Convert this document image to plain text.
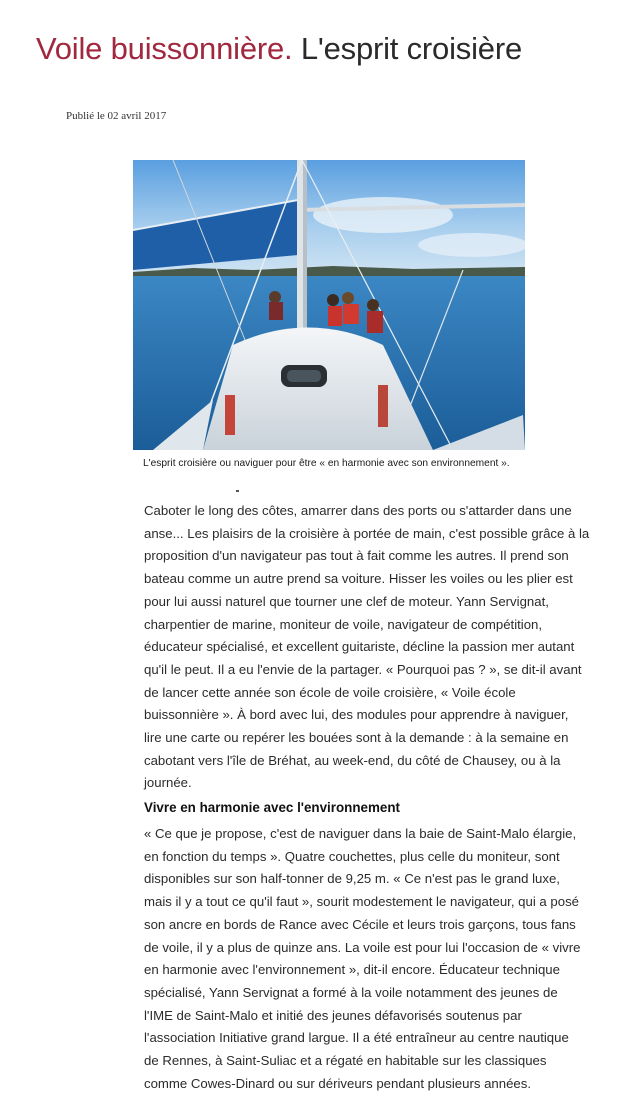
Voile buissonnière. L'esprit croisière
Publié le 02 avril 2017
L'esprit croisière ou naviguer pour être « en harmonie avec son environnement ».
Caboter le long des côtes, amarrer dans des ports ou s'attarder dans une
anse... Les plaisirs de la croisière à portée de main, c'est possible grâce à la
proposition d'un navigateur pas tout à fait comme les autres. Il prend son
bateau comme un autre prend sa voiture. Hisser les voiles ou les plier est
pour lui aussi naturel que tourner une clef de moteur. Yann Servignat,
charpentier de marine, moniteur de voile, navigateur de compétition,
éducateur spécialisé, et excellent guitariste, décline la passion mer autant
qu'il le peut. Il a eu l'envie de la partager. « Pourquoi pas ? », se dit-il avant
de lancer cette année son école de voile croisière, « Voile école
buissonnière ». À bord avec lui, des modules pour apprendre à naviguer,
lire une carte ou repérer les bouées sont à la demande : à la semaine en
cabotant vers l'île de Bréhat, au week-end, du côté de Chausey, ou à la
journée.
Vivre en harmonie avec l'environnement
« Ce que je propose, c'est de naviguer dans la baie de Saint-Malo élargie,
en fonction du temps ». Quatre couchettes, plus celle du moniteur, sont
disponibles sur son half-tonner de 9,25 m. « Ce n'est pas le grand luxe,
mais il y a tout ce qu'il faut », sourit modestement le navigateur, qui a posé
son ancre en bords de Rance avec Cécile et leurs trois garçons, tous fans
de voile, il y a plus de quinze ans. La voile est pour lui l'occasion de « vivre
en harmonie avec l'environnement », dit-il encore. Éducateur technique
spécialisé, Yann Servignat a formé à la voile notamment des jeunes de
l'IME de Saint-Malo et initié des jeunes défavorisés soutenus par
l'association Initiative grand largue. Il a été entraîneur au centre nautique
de Rennes, à Saint-Suliac et a régaté en habitable sur les classiques
comme Cowes-Dinard ou sur dériveurs pendant plusieurs années.
